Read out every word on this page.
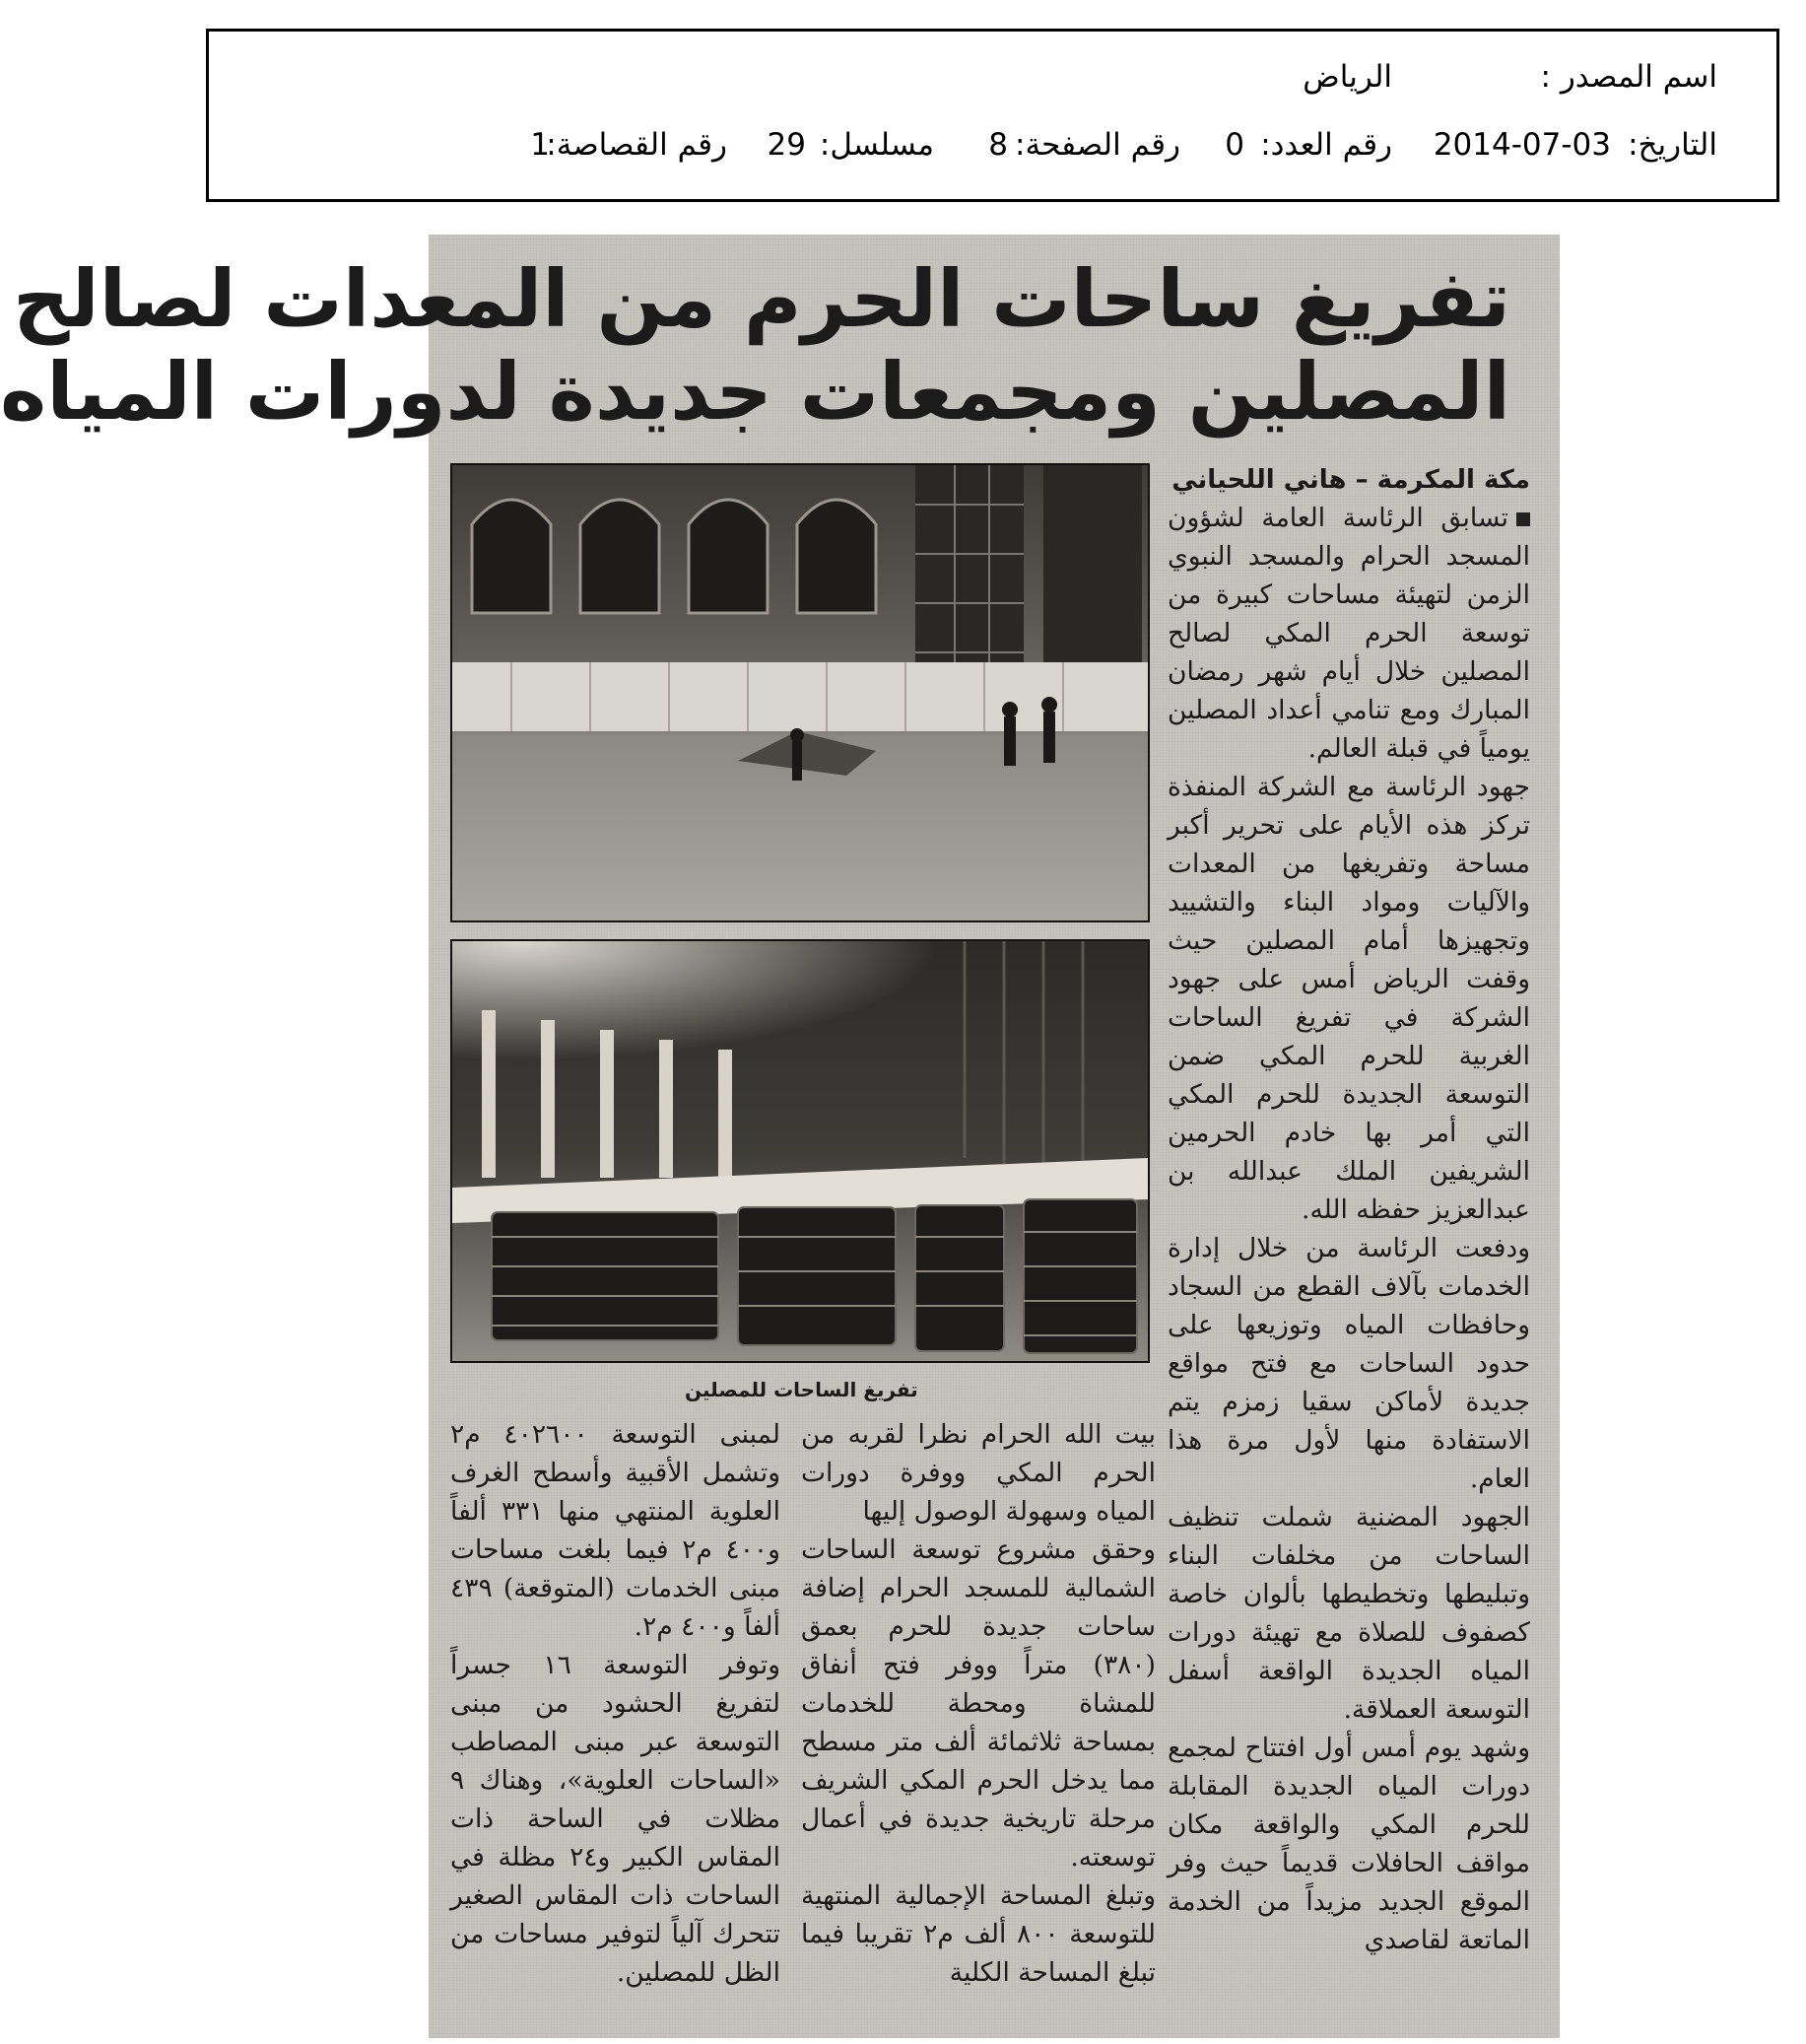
اسم المصدر :
الرياض
التاريخ:
2014-07-03
رقم العدد:
0
رقم الصفحة:
8
مسلسل:
29
رقم القصاصة:
1
تفريغ ساحات الحرم من المعدات لصالح
المصلين ومجمعات جديدة لدورات المياه
مكة المكرمة – هاني اللحياني

تسابق الرئاسة العامة لشؤون المسجد الحرام والمسجد النبوي الزمن لتهيئة مساحات كبيرة من توسعة الحرم المكي لصالح المصلين خلال أيام شهر رمضان المبارك ومع تنامي أعداد المصلين يومياً في قبلة العالم.

جهود الرئاسة مع الشركة المنفذة تركز هذه الأيام على تحرير أكبر مساحة وتفريغها من المعدات والآليات ومواد البناء والتشييد وتجهيزها أمام المصلين حيث وقفت الرياض أمس على جهود الشركة في تفريغ الساحات الغربية للحرم المكي ضمن التوسعة الجديدة للحرم المكي التي أمر بها خادم الحرمين الشريفين الملك عبدالله بن عبدالعزيز حفظه الله.

ودفعت الرئاسة من خلال إدارة الخدمات بآلاف القطع من السجاد وحافظات المياه وتوزيعها على حدود الساحات مع فتح مواقع جديدة لأماكن سقيا زمزم يتم الاستفادة منها لأول مرة هذا العام.

الجهود المضنية شملت تنظيف الساحات من مخلفات البناء وتبليطها وتخطيطها بألوان خاصة كصفوف للصلاة مع تهيئة دورات المياه الجديدة الواقعة أسفل التوسعة العملاقة.

وشهد يوم أمس أول افتتاح لمجمع دورات المياه الجديدة المقابلة للحرم المكي والواقعة مكان مواقف الحافلات قديماً حيث وفر الموقع الجديد مزيداً من الخدمة الماتعة لقاصدي

تفريغ الساحات للمصلين

بيت الله الحرام نظرا لقربه من الحرم المكي ووفرة دورات المياه وسهولة الوصول إليها

وحقق مشروع توسعة الساحات الشمالية للمسجد الحرام إضافة ساحات جديدة للحرم بعمق (٣٨٠) متراً ووفر فتح أنفاق للمشاة ومحطة للخدمات بمساحة ثلاثمائة ألف متر مسطح مما يدخل الحرم المكي الشريف مرحلة تاريخية جديدة في أعمال توسعته.

وتبلغ المساحة الإجمالية المنتهية للتوسعة ٨٠٠ ألف م٢ تقريبا فيما تبلغ المساحة الكلية

لمبنى التوسعة ٤٠٢٦٠٠ م٢ وتشمل الأقبية وأسطح الغرف العلوية المنتهي منها ٣٣١ ألفاً و٤٠٠ م٢ فيما بلغت مساحات مبنى الخدمات (المتوقعة) ٤٣٩ ألفاً و٤٠٠ م٢.

وتوفر التوسعة ١٦ جسراً لتفريغ الحشود من مبنى التوسعة عبر مبنى المصاطب «الساحات العلوية»، وهناك ٩ مظلات في الساحة ذات المقاس الكبير و٢٤ مظلة في الساحات ذات المقاس الصغير تتحرك آلياً لتوفير مساحات من الظل للمصلين.
